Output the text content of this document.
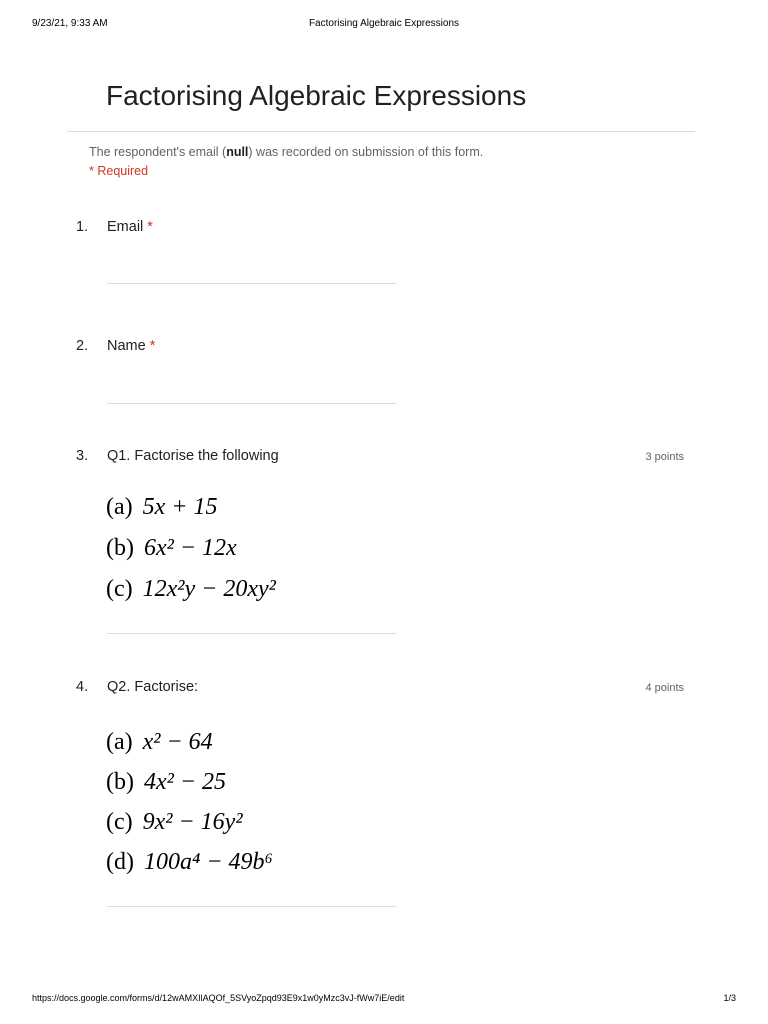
9/23/21, 9:33 AM	Factorising Algebraic Expressions
Factorising Algebraic Expressions
The respondent's email (null) was recorded on submission of this form.
* Required
1. Email *
2. Name *
3. Q1. Factorise the following	3 points
(a) 5x + 15
(b) 6x² − 12x
(c) 12x²y − 20xy²
4. Q2. Factorise:	4 points
(a) x² − 64
(b) 4x² − 25
(c) 9x² − 16y²
(d) 100a⁴ − 49b⁶
https://docs.google.com/forms/d/12wAMXIlAQOf_5SVyoZpqd93E9x1w0yMzc3vJ-fWw7iE/edit	1/3
